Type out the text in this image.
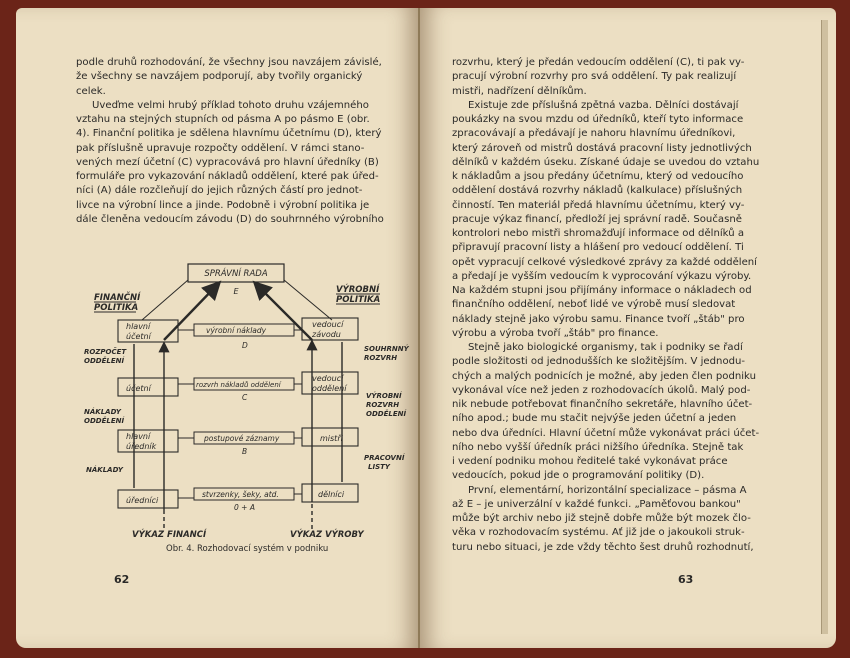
podle druhů rozhodování, že všechny jsou navzájem závislé,
že všechny se navzájem podporují, aby tvořily organický
celek.
Uveďme velmi hrubý příklad tohoto druhu vzájemného
vztahu na stejných stupních od pásma A po pásmo E (obr.
4). Finanční politika je sdělena hlavnímu účetnímu (D), který
pak příslušně upravuje rozpočty oddělení. V rámci stano-
vených mezí účetní (C) vypracovává pro hlavní úředníky (B)
formuláře pro vykazování nákladů oddělení, které pak úřed-
níci (A) dále rozčleňují do jejich různých částí pro jednot-
livce na výrobní lince a jinde. Podobně i výrobní politika je
dále členěna vedoucím závodu (D) do souhrnného výrobního
SPRÁVNÍ RADA
E
FINANČNÍ
POLITIKA
VÝROBNÍ
POLITIKA
hlavní
účetní
účetní
hlavní
úředník
úředníci
vedoucí
závodu
vedoucí
oddělení
mistři
dělníci
výrobní náklady
D
rozvrh nákladů oddělení
C
postupové záznamy
B
stvrzenky, šeky, atd.
0 + A
ROZPOČET
ODDĚLENÍ
NÁKLADY
ODDĚLENÍ
NÁKLADY
SOUHRNNÝ
ROZVRH
VÝROBNÍ
ROZVRH
ODDĚLENÍ
PRACOVNÍ
LISTY
VÝKAZ FINANCÍ	VÝKAZ VÝROBY
Obr. 4. Rozhodovací systém v podniku
62
rozvrhu, který je předán vedoucím oddělení (C), ti pak vy-
pracují výrobní rozvrhy pro svá oddělení. Ty pak realizují
mistři, nadřízení dělníkům.
Existuje zde příslušná zpětná vazba. Dělníci dostávají
poukázky na svou mzdu od úředníků, kteří tyto informace
zpracovávají a předávají je nahoru hlavnímu úředníkovi,
který zároveň od mistrů dostává pracovní listy jednotlivých
dělníků v každém úseku. Získané údaje se uvedou do vztahu
k nákladům a jsou předány účetnímu, který od vedoucího
oddělení dostává rozvrhy nákladů (kalkulace) příslušných
činností. Ten materiál předá hlavnímu účetnímu, který vy-
pracuje výkaz financí, předloží jej správní radě. Současně
kontrolori nebo mistři shromažďují informace od dělníků a
připravují pracovní listy a hlášení pro vedoucí oddělení. Ti
opět vypracují celkové výsledkové zprávy za každé oddělení
a předají je vyšším vedoucím k vyprocování výkazu výroby.
Na každém stupni jsou přijímány informace o nákladech od
finančního oddělení, neboť lidé ve výrobě musí sledovat
náklady stejně jako výrobu samu. Finance tvoří „štáb" pro
výrobu a výroba tvoří „štáb" pro finance.
Stejně jako biologické organismy, tak i podniky se řadí
podle složitosti od jednodušších ke složitějším. V jednodu-
chých a malých podnicích je možné, aby jeden člen podniku
vykonával více než jeden z rozhodovacích úkolů. Malý pod-
nik nebude potřebovat finančního sekretáře, hlavního účet-
ního apod.; bude mu stačit nejvýše jeden účetní a jeden
nebo dva úředníci. Hlavní účetní může vykonávat práci účet-
ního nebo vyšší úředník práci nižšího úředníka. Stejně tak
i vedení podniku mohou ředitelé také vykonávat práce
vedoucích, pokud jde o programování politiky (D).
První, elementární, horizontální specializace – pásma A
až E – je univerzální v každé funkci. „Paměťovou bankou"
může být archiv nebo již stejně dobře může být mozek člo-
věka v rozhodovacím systému. Ať již jde o jakoukoli struk-
turu nebo situaci, je zde vždy těchto šest druhů rozhodnutí,
63
